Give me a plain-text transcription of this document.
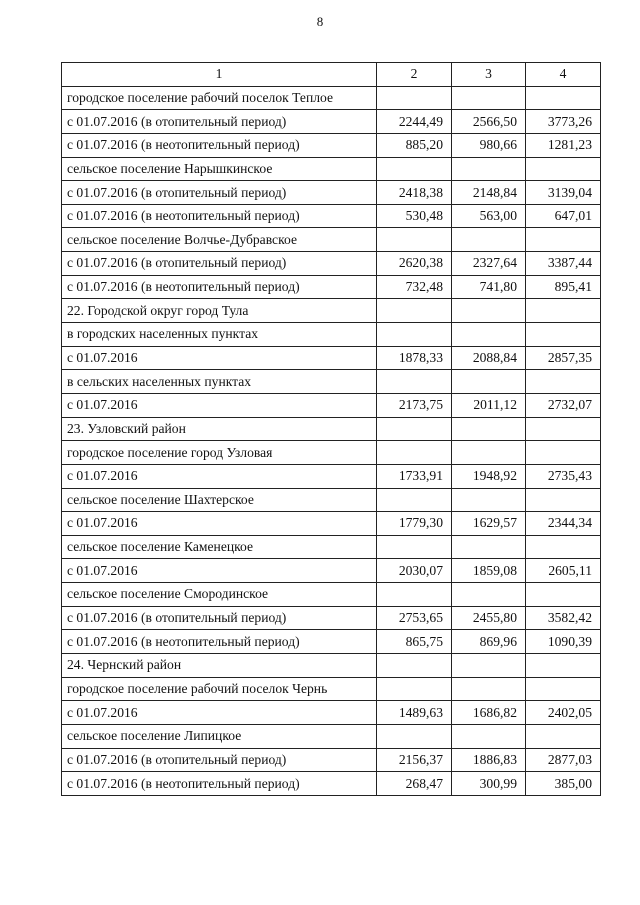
8
1	2	3	4
городское поселение рабочий поселок Теплое			
с 01.07.2016 (в отопительный период)	2244,49	2566,50	3773,26
с 01.07.2016 (в неотопительный период)	885,20	980,66	1281,23
сельское поселение Нарышкинское			
с 01.07.2016 (в отопительный период)	2418,38	2148,84	3139,04
с 01.07.2016 (в неотопительный период)	530,48	563,00	647,01
сельское поселение Волчье-Дубравское			
с 01.07.2016 (в отопительный период)	2620,38	2327,64	3387,44
с 01.07.2016 (в неотопительный период)	732,48	741,80	895,41
22. Городской округ город Тула			
в городских населенных пунктах			
с 01.07.2016	1878,33	2088,84	2857,35
в сельских населенных пунктах			
с 01.07.2016	2173,75	2011,12	2732,07
23. Узловский район			
городское поселение город Узловая			
с 01.07.2016	1733,91	1948,92	2735,43
сельское поселение Шахтерское			
с 01.07.2016	1779,30	1629,57	2344,34
сельское поселение Каменецкое			
с 01.07.2016	2030,07	1859,08	2605,11
сельское поселение Смородинское			
с 01.07.2016 (в отопительный период)	2753,65	2455,80	3582,42
с 01.07.2016 (в неотопительный период)	865,75	869,96	1090,39
24. Чернский район			
городское поселение рабочий поселок Чернь			
с 01.07.2016	1489,63	1686,82	2402,05
сельское поселение Липицкое			
с 01.07.2016 (в отопительный период)	2156,37	1886,83	2877,03
с 01.07.2016 (в неотопительный период)	268,47	300,99	385,00
